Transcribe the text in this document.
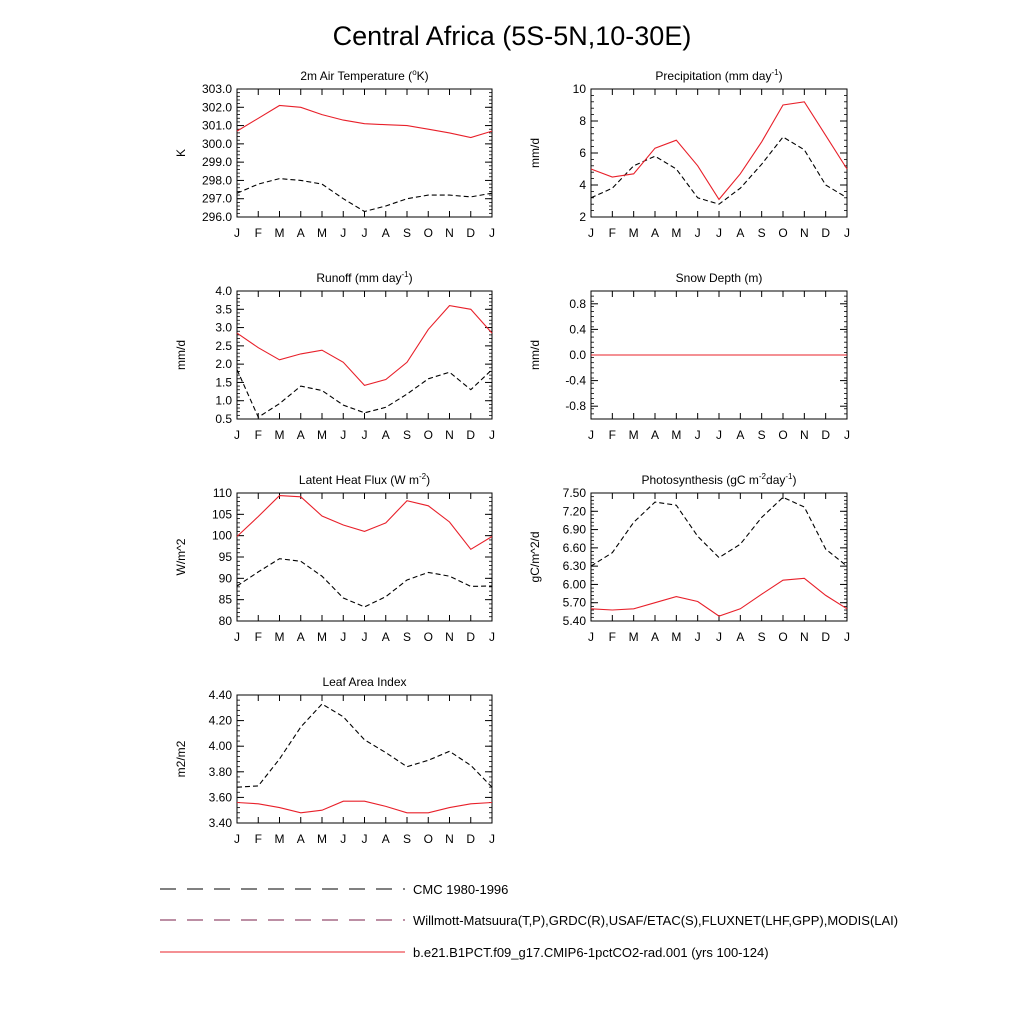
Central Africa (5S-5N,10-30E)
2m Air Temperature ($^o$K)
J F M A M J J A S O N D J
296.0
297.0
298.0
299.0
300.0
301.0
302.0
303.0
K
Precipitation (mm day$^{-1}$)
J F M A M J J A S O N D J
2
4
6
8
10
mm/d
Runoff (mm day$^{-1}$)
J F M A M J J A S O N D J
0.5
1.0
1.5
2.0
2.5
3.0
3.5
4.0
mm/d
Snow Depth (m)
J F M A M J J A S O N D J
-0.8
-0.4
0.0
0.4
0.8
mm/d
Latent Heat Flux (W $m^{-2}$)
J F M A M J J A S O N D J
80
85
90
95
100
105
110
W/m^2
Photosynthesis (gC $m^{-2}day^{-1}$)
J F M A M J J A S O N D J
5.40
5.70
6.00
6.30
6.60
6.90
7.20
7.50
gC/m^2/d
Leaf Area Index
J F M A M J J A S O N D J
3.40
3.60
3.80
4.00
4.20
4.40
m2/m2
CMC 1980-1996
Willmott-Matsuura(T,P),GRDC(R),USAF/ETAC(S),FLUXNET(LHF,GPP),MODIS(LAI)
b.e21.B1PCT.f09_g17.CMIP6-1pctCO2-rad.001 (yrs 100-124)
